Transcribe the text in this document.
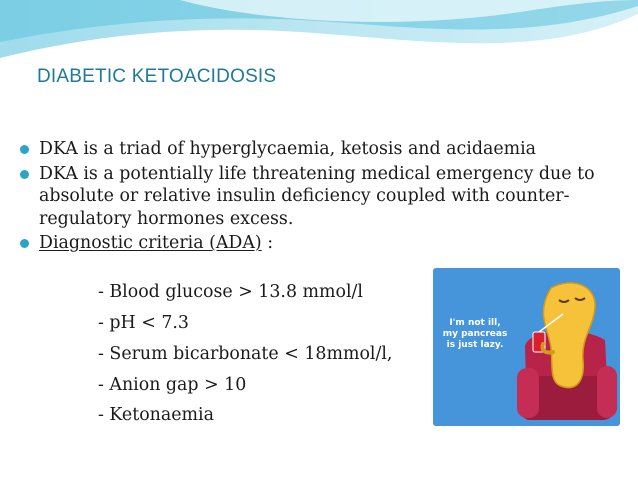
DIABETIC KETOACIDOSIS
DKA is a triad of hyperglycaemia, ketosis and acidaemia
DKA is a potentially life threatening medical emergency due to absolute or relative insulin deficiency coupled with counter-regulatory hormones excess.
Diagnostic criteria (ADA) :
- Blood glucose > 13.8 mmol/l
- pH < 7.3
- Serum bicarbonate < 18mmol/l,
- Anion gap > 10
- Ketonaemia
I'm not ill, my pancreas is just lazy.
